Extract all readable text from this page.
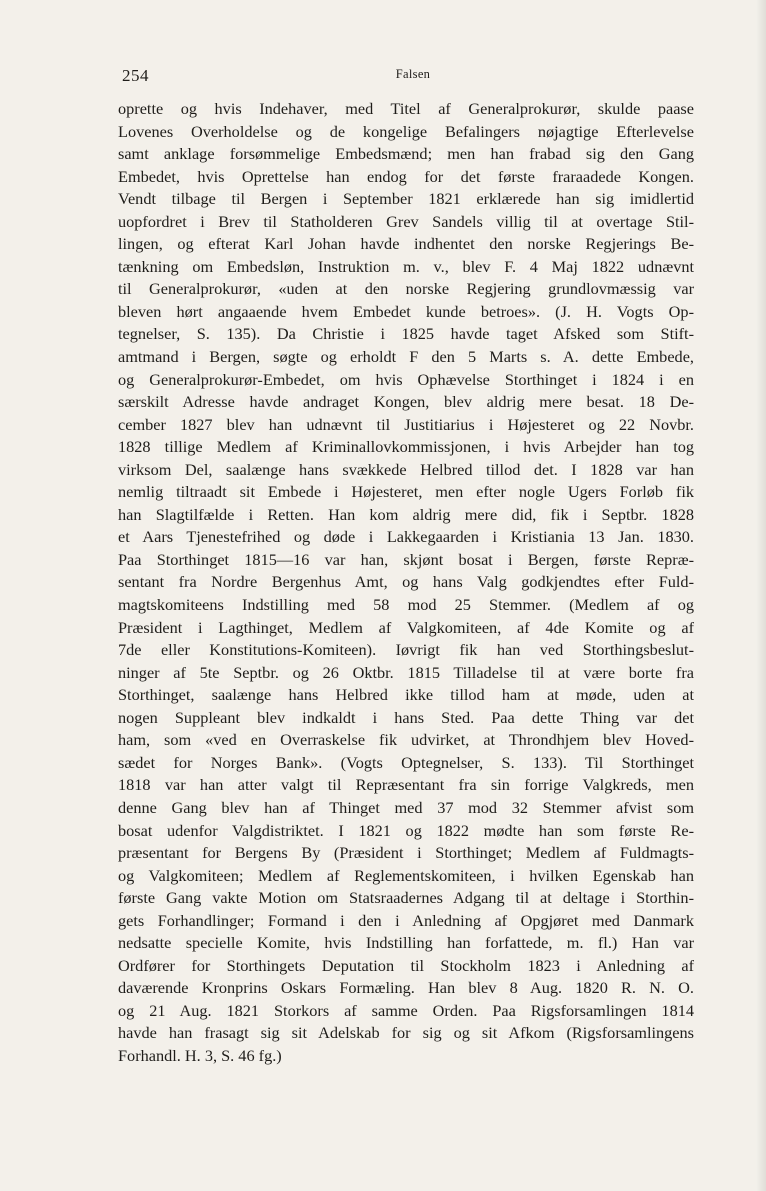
254	Falsen
oprette og hvis Indehaver, med Titel af Generalprokurør, skulde paase
Lovenes Overholdelse og de kongelige Befalingers nøjagtige Efterlevelse
samt anklage forsømmelige Embedsmænd; men han frabad sig den Gang
Embedet, hvis Oprettelse han endog for det første fraraadede Kongen.
Vendt tilbage til Bergen i September 1821 erklærede han sig imidlertid
uopfordret i Brev til Statholderen Grev Sandels villig til at overtage Stil-
lingen, og efterat Karl Johan havde indhentet den norske Regjerings Be-
tænkning om Embedsløn, Instruktion m. v., blev F. 4 Maj 1822 udnævnt
til Generalprokurør, «uden at den norske Regjering grundlovmæssig var
bleven hørt angaaende hvem Embedet kunde betroes». (J. H. Vogts Op-
tegnelser, S. 135). Da Christie i 1825 havde taget Afsked som Stift-
amtmand i Bergen, søgte og erholdt F den 5 Marts s. A. dette Embede,
og Generalprokurør-Embedet, om hvis Ophævelse Storthinget i 1824 i en
særskilt Adresse havde andraget Kongen, blev aldrig mere besat. 18 De-
cember 1827 blev han udnævnt til Justitiarius i Højesteret og 22 Novbr.
1828 tillige Medlem af Kriminallovkommissjonen, i hvis Arbejder han tog
virksom Del, saalænge hans svækkede Helbred tillod det. I 1828 var han
nemlig tiltraadt sit Embede i Højesteret, men efter nogle Ugers Forløb fik
han Slagtilfælde i Retten. Han kom aldrig mere did, fik i Septbr. 1828
et Aars Tjenestefrihed og døde i Lakkegaarden i Kristiania 13 Jan. 1830.
Paa Storthinget 1815—16 var han, skjønt bosat i Bergen, første Repræ-
sentant fra Nordre Bergenhus Amt, og hans Valg godkjendtes efter Fuld-
magtskomiteens Indstilling med 58 mod 25 Stemmer. (Medlem af og
Præsident i Lagthinget, Medlem af Valgkomiteen, af 4de Komite og af
7de eller Konstitutions-Komiteen). Iøvrigt fik han ved Storthingsbeslut-
ninger af 5te Septbr. og 26 Oktbr. 1815 Tilladelse til at være borte fra
Storthinget, saalænge hans Helbred ikke tillod ham at møde, uden at
nogen Suppleant blev indkaldt i hans Sted. Paa dette Thing var det
ham, som «ved en Overraskelse fik udvirket, at Throndhjem blev Hoved-
sædet for Norges Bank». (Vogts Optegnelser, S. 133). Til Storthinget
1818 var han atter valgt til Repræsentant fra sin forrige Valgkreds, men
denne Gang blev han af Thinget med 37 mod 32 Stemmer afvist som
bosat udenfor Valgdistriktet. I 1821 og 1822 mødte han som første Re-
præsentant for Bergens By (Præsident i Storthinget; Medlem af Fuldmagts-
og Valgkomiteen; Medlem af Reglementskomiteen, i hvilken Egenskab han
første Gang vakte Motion om Statsraadernes Adgang til at deltage i Storthin-
gets Forhandlinger; Formand i den i Anledning af Opgjøret med Danmark
nedsatte specielle Komite, hvis Indstilling han forfattede, m. fl.) Han var
Ordfører for Storthingets Deputation til Stockholm 1823 i Anledning af
daværende Kronprins Oskars Formæling. Han blev 8 Aug. 1820 R. N. O.
og 21 Aug. 1821 Storkors af samme Orden. Paa Rigsforsamlingen 1814
havde han frasagt sig sit Adelskab for sig og sit Afkom (Rigsforsamlingens
Forhandl. H. 3, S. 46 fg.)
